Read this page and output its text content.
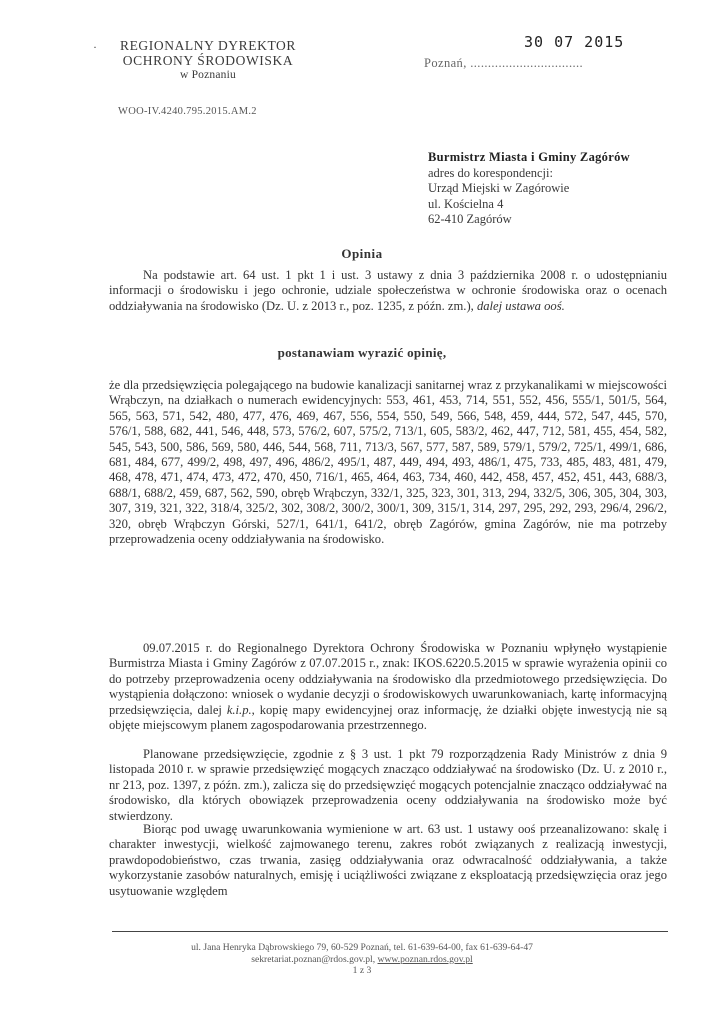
·	REGIONALNY DYREKTOR
OCHRONY ŚRODOWISKA
w Poznaniu
WOO-IV.4240.795.2015.AM.2
30 07 2015
Poznań, ................................
Burmistrz Miasta i Gminy Zagórów
adres do korespondencji:
Urząd Miejski w Zagórowie
ul. Kościelna 4
62-410 Zagórów
Opinia

Na podstawie art. 64 ust. 1 pkt 1 i ust. 3 ustawy z dnia 3 października 2008 r. o udostępnianiu informacji o środowisku i jego ochronie, udziale społeczeństwa w ochronie środowiska oraz o ocenach oddziaływania na środowisko (Dz. U. z 2013 r., poz. 1235, z późn. zm.), dalej ustawa ooś.

postanawiam wyrazić opinię,

że dla przedsięwzięcia polegającego na budowie kanalizacji sanitarnej wraz z przykanalikami w miejscowości Wrąbczyn, na działkach o numerach ewidencyjnych: 553, 461, 453, 714, 551, 552, 456, 555/1, 501/5, 564, 565, 563, 571, 542, 480, 477, 476, 469, 467, 556, 554, 550, 549, 566, 548, 459, 444, 572, 547, 445, 570, 576/1, 588, 682, 441, 546, 448, 573, 576/2, 607, 575/2, 713/1, 605, 583/2, 462, 447, 712, 581, 455, 454, 582, 545, 543, 500, 586, 569, 580, 446, 544, 568, 711, 713/3, 567, 577, 587, 589, 579/1, 579/2, 725/1, 499/1, 686, 681, 484, 677, 499/2, 498, 497, 496, 486/2, 495/1, 487, 449, 494, 493, 486/1, 475, 733, 485, 483, 481, 479, 468, 478, 471, 474, 473, 472, 470, 450, 716/1, 465, 464, 463, 734, 460, 442, 458, 457, 452, 451, 443, 688/3, 688/1, 688/2, 459, 687, 562, 590, obręb Wrąbczyn, 332/1, 325, 323, 301, 313, 294, 332/5, 306, 305, 304, 303, 307, 319, 321, 322, 318/4, 325/2, 302, 308/2, 300/2, 300/1, 309, 315/1, 314, 297, 295, 292, 293, 296/4, 296/2, 320, obręb Wrąbczyn Górski, 527/1, 641/1, 641/2, obręb Zagórów, gmina Zagórów, nie ma potrzeby przeprowadzenia oceny oddziaływania na środowisko.

09.07.2015 r. do Regionalnego Dyrektora Ochrony Środowiska w Poznaniu wpłynęło wystąpienie Burmistrza Miasta i Gminy Zagórów z 07.07.2015 r., znak: IKOS.6220.5.2015 w sprawie wyrażenia opinii co do potrzeby przeprowadzenia oceny oddziaływania na środowisko dla przedmiotowego przedsięwzięcia. Do wystąpienia dołączono: wniosek o wydanie decyzji o środowiskowych uwarunkowaniach, kartę informacyjną przedsięwzięcia, dalej k.i.p., kopię mapy ewidencyjnej oraz informację, że działki objęte inwestycją nie są objęte miejscowym planem zagospodarowania przestrzennego.

Planowane przedsięwzięcie, zgodnie z § 3 ust. 1 pkt 79 rozporządzenia Rady Ministrów z dnia 9 listopada 2010 r. w sprawie przedsięwzięć mogących znacząco oddziaływać na środowisko (Dz. U. z 2010 r., nr 213, poz. 1397, z późn. zm.), zalicza się do przedsięwzięć mogących potencjalnie znacząco oddziaływać na środowisko, dla których obowiązek przeprowadzenia oceny oddziaływania na środowisko może być stwierdzony.

Biorąc pod uwagę uwarunkowania wymienione w art. 63 ust. 1 ustawy ooś przeanalizowano: skalę i charakter inwestycji, wielkość zajmowanego terenu, zakres robót związanych z realizacją inwestycji, prawdopodobieństwo, czas trwania, zasięg oddziaływania oraz odwracalność oddziaływania, a także wykorzystanie zasobów naturalnych, emisję i uciążliwości związane z eksploatacją przedsięwzięcia oraz jego usytuowanie względem

ul. Jana Henryka Dąbrowskiego 79, 60-529 Poznań, tel. 61-639-64-00, fax 61-639-64-47
sekretariat.poznan@rdos.gov.pl, www.poznan.rdos.gov.pl
1 z 3
